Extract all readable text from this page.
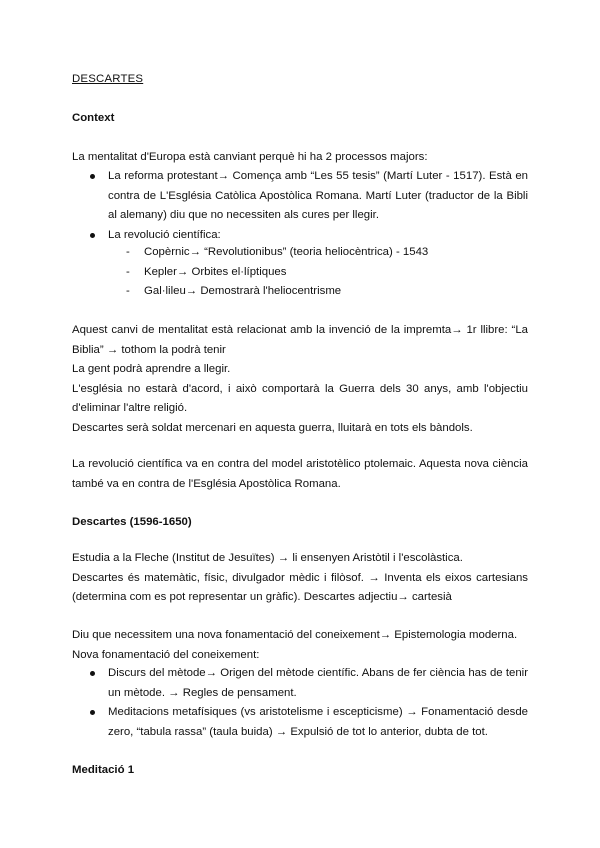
DESCARTES
Context

La mentalitat d'Europa està canviant perquè hi ha 2 processos majors:

La reforma protestant→ Comença amb “Les 55 tesis” (Martí Luter - 1517). Està en contra de L'Església Catòlica Apostòlica Romana. Martí Luter (traductor de la Bibli al alemany) diu que no necessiten als cures per llegir.
La revolució científica:
- Copèrnic→ “Revolutionibus” (teoria heliocèntrica) - 1543
- Kepler→ Orbites el·líptiques
- Gal·lileu→ Demostrarà l'heliocentrisme

Aquest canvi de mentalitat està relacionat amb la invenció de la impremta→ 1r llibre: “La Biblia” → tothom la podrà tenir

La gent podrà aprendre a llegir.

L'església no estarà d'acord, i això comportarà la Guerra dels 30 anys, amb l'objectiu d'eliminar l'altre religió.

Descartes serà soldat mercenari en aquesta guerra, lluitarà en tots els bàndols.

La revolució científica va en contra del model aristotèlico ptolemaic. Aquesta nova ciència també va en contra de l'Església Apostòlica Romana.

Descartes (1596-1650)

Estudia a la Fleche (Institut de Jesuïtes) → li ensenyen Aristòtil i l'escolàstica.

Descartes és matemàtic, físic, divulgador mèdic i filòsof. → Inventa els eixos cartesians (determina com es pot representar un gràfic). Descartes adjectiu→ cartesià

Diu que necessitem una nova fonamentació del coneixement→ Epistemologia moderna.

Nova fonamentació del coneixement:

Discurs del mètode→ Origen del mètode científic. Abans de fer ciència has de tenir un mètode. → Regles de pensament.
Meditacions metafísiques (vs aristotelisme i escepticisme) → Fonamentació desde zero, “tabula rassa” (taula buida) → Expulsió de tot lo anterior, dubta de tot.
Meditació 1
